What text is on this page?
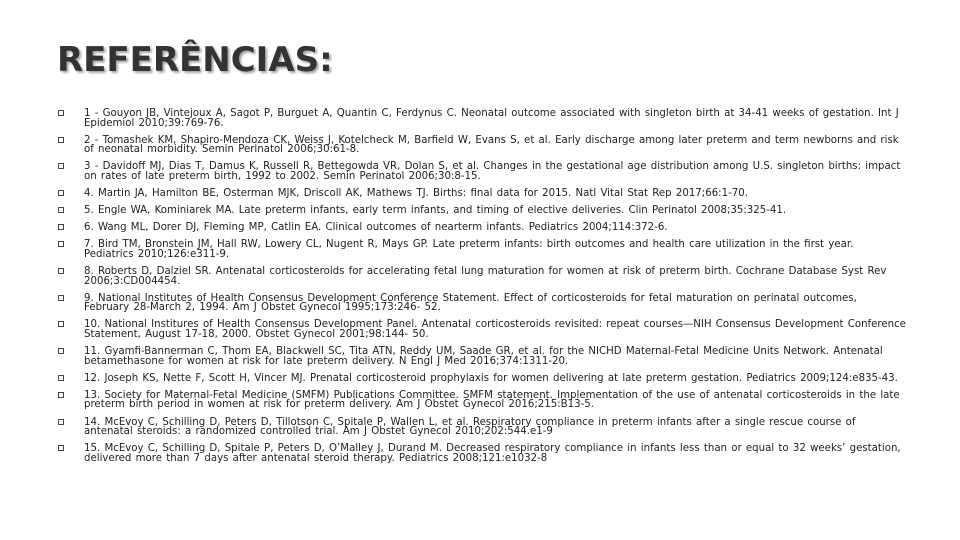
REFERÊNCIAS:
1 - Gouyon JB, Vintejoux A, Sagot P, Burguet A, Quantin C, Ferdynus C. Neonatal outcome associated with singleton birth at 34-41 weeks of gestation. Int J Epidemiol 2010;39:769-76.
2 - Tomashek KM, Shapiro-Mendoza CK, Weiss J, Kotelcheck M, Barfield W, Evans S, et al. Early discharge among later preterm and term newborns and risk of neonatal morbidity. Semin Perinatol 2006;30:61-8.
3 - Davidoff MJ, Dias T, Damus K, Russell R, Bettegowda VR, Dolan S, et al. Changes in the gestational age distribution among U.S. singleton births: impact on rates of late preterm birth, 1992 to 2002. Semin Perinatol 2006;30:8-15.
4. Martin JA, Hamilton BE, Osterman MJK, Driscoll AK, Mathews TJ. Births: final data for 2015. Natl Vital Stat Rep 2017;66:1-70.
5. Engle WA, Kominiarek MA. Late preterm infants, early term infants, and timing of elective deliveries. Clin Perinatol 2008;35:325-41.
6. Wang ML, Dorer DJ, Fleming MP, Catlin EA. Clinical outcomes of nearterm infants. Pediatrics 2004;114:372-6.
7. Bird TM, Bronstein JM, Hall RW, Lowery CL, Nugent R, Mays GP. Late preterm infants: birth outcomes and health care utilization in the first year. Pediatrics 2010;126:e311-9.
8. Roberts D, Dalziel SR. Antenatal corticosteroids for accelerating fetal lung maturation for women at risk of preterm birth. Cochrane Database Syst Rev 2006;3:CD004454.
9. National Institutes of Health Consensus Development Conference Statement. Effect of corticosteroids for fetal maturation on perinatal outcomes, February 28-March 2, 1994. Am J Obstet Gynecol 1995;173:246- 52.
10. National Institures of Health Consensus Development Panel. Antenatal corticosteroids revisited: repeat courses—NIH Consensus Development Conference Statement, August 17-18, 2000. Obstet Gynecol 2001;98:144- 50.
11. Gyamfi-Bannerman C, Thom EA, Blackwell SC, Tita ATN, Reddy UM, Saade GR, et al. for the NICHD Maternal-Fetal Medicine Units Network. Antenatal betamethasone for women at risk for late preterm delivery. N Engl J Med 2016;374:1311-20.
12. Joseph KS, Nette F, Scott H, Vincer MJ. Prenatal corticosteroid prophylaxis for women delivering at late preterm gestation. Pediatrics 2009;124:e835-43.
13. Society for Maternal-Fetal Medicine (SMFM) Publications Committee. SMFM statement. Implementation of the use of antenatal corticosteroids in the late preterm birth period in women at risk for preterm delivery. Am J Obstet Gynecol 2016;215:B13-5.
14. McEvoy C, Schilling D, Peters D, Tillotson C, Spitale P, Wallen L, et al. Respiratory compliance in preterm infants after a single rescue course of antenatal steroids: a randomized controlled trial. Am J Obstet Gynecol 2010;202:544.e1-9
15. McEvoy C, Schilling D, Spitale P, Peters D, O’Malley J, Durand M. Decreased respiratory compliance in infants less than or equal to 32 weeks’ gestation, delivered more than 7 days after antenatal steroid therapy. Pediatrics 2008;121:e1032-8
